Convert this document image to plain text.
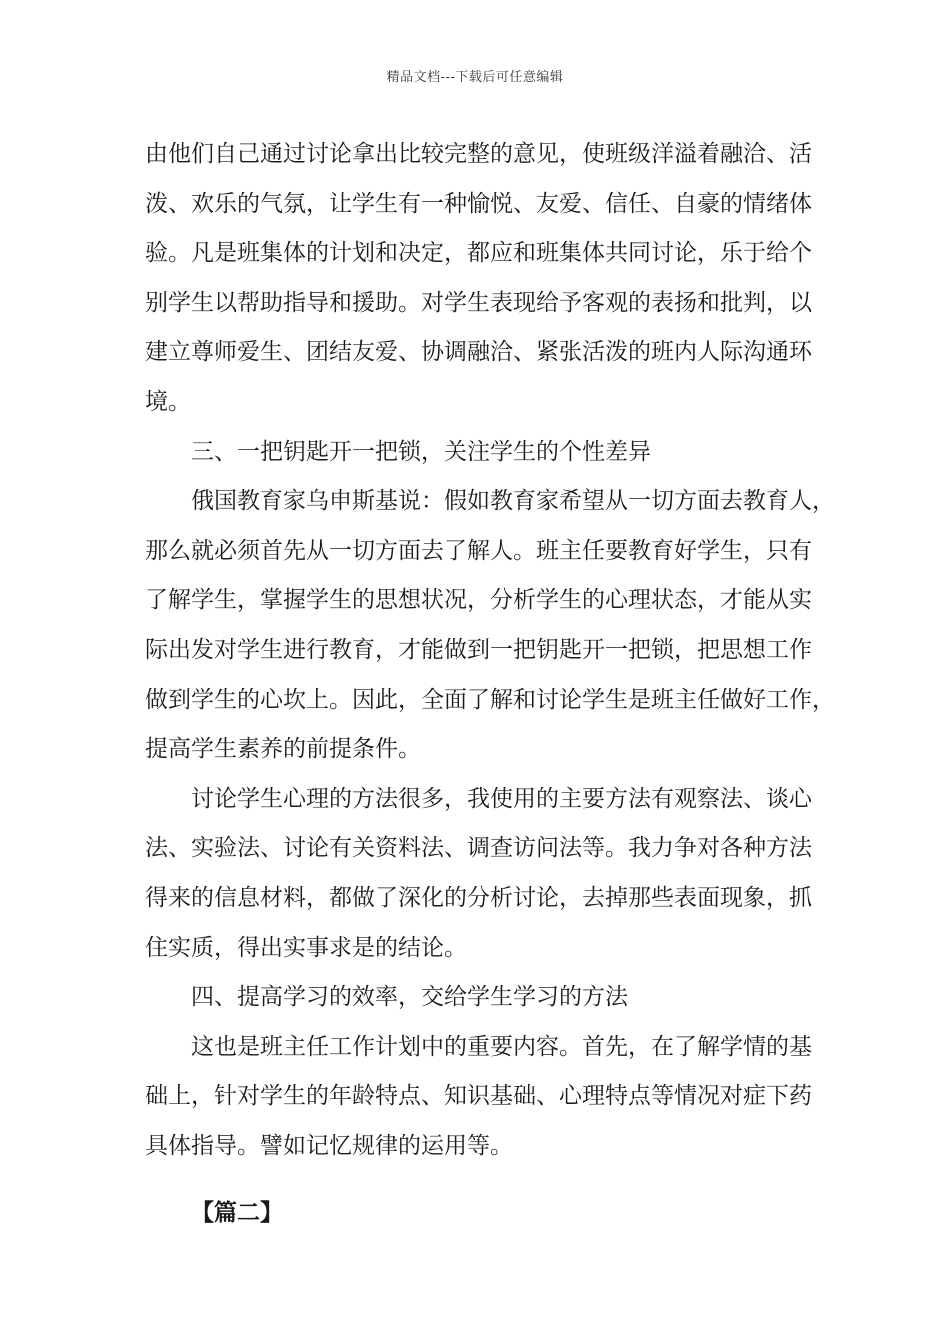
精品文档---下载后可任意编辑
由他们自己通过讨论拿出比较完整的意见，使班级洋溢着融洽、活
泼、欢乐的气氛，让学生有一种愉悦、友爱、信任、自豪的情绪体
验。凡是班集体的计划和决定，都应和班集体共同讨论，乐于给个
别学生以帮助指导和援助。对学生表现给予客观的表扬和批判，以
建立尊师爱生、团结友爱、协调融洽、紧张活泼的班内人际沟通环
境。
三、一把钥匙开一把锁，关注学生的个性差异
俄国教育家乌申斯基说：假如教育家希望从一切方面去教育人，
那么就必须首先从一切方面去了解人。班主任要教育好学生，只有
了解学生，掌握学生的思想状况，分析学生的心理状态，才能从实
际出发对学生进行教育，才能做到一把钥匙开一把锁，把思想工作
做到学生的心坎上。因此，全面了解和讨论学生是班主任做好工作，
提高学生素养的前提条件。
讨论学生心理的方法很多，我使用的主要方法有观察法、谈心
法、实验法、讨论有关资料法、调查访问法等。我力争对各种方法
得来的信息材料，都做了深化的分析讨论，去掉那些表面现象，抓
住实质，得出实事求是的结论。
四、提高学习的效率，交给学生学习的方法
这也是班主任工作计划中的重要内容。首先，在了解学情的基
础上，针对学生的年龄特点、知识基础、心理特点等情况对症下药
具体指导。譬如记忆规律的运用等。
【篇二】
